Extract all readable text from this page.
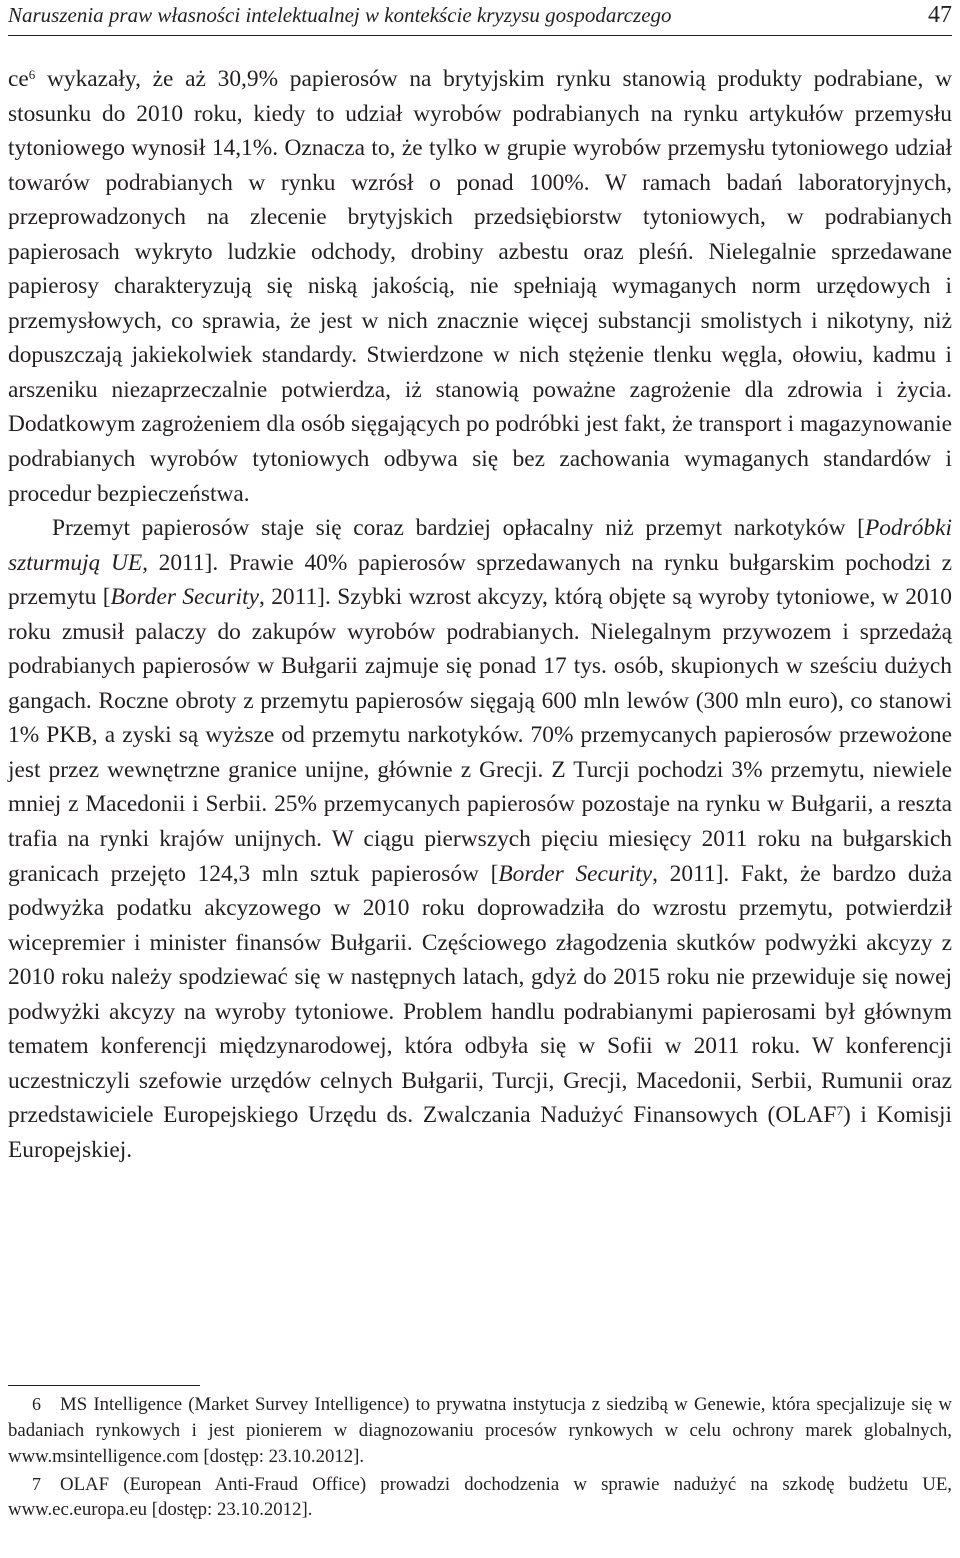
Naruszenia praw własności intelektualnej w kontekście kryzysu gospodarczego	47

$ce^6$ wykazały, że aż 30,9% papierosów na brytyjskim rynku stanowią produkty podrabiane, w stosunku do 2010 roku, kiedy to udział wyrobów podrabianych na rynku artykułów przemysłu tytoniowego wynosił 14,1%. Oznacza to, że tylko w grupie wyrobów przemysłu tytoniowego udział towarów podrabianych w rynku wzrósł o ponad 100%. W ramach badań laboratoryjnych, przeprowadzonych na zlecenie brytyjskich przedsiębiorstw tytoniowych, w podrabianych papierosach wykryto ludzkie odchody, drobiny azbestu oraz pleśń. Nielegalnie sprzedawane papierosy charakteryzują się niską jakością, nie spełniają wymaganych norm urzędowych i przemysłowych, co sprawia, że jest w nich znacznie więcej substancji smolistych i nikotyny, niż dopuszczają jakiekolwiek standardy. Stwierdzone w nich stężenie tlenku węgla, ołowiu, kadmu i arszeniku niezaprzeczalnie potwierdza, iż stanowią poważne zagrożenie dla zdrowia i życia. Dodatkowym zagrożeniem dla osób sięgających po podróbki jest fakt, że transport i magazynowanie podrabianych wyrobów tytoniowych odbywa się bez zachowania wymaganych standardów i procedur bezpieczeństwa.

Przemyt papierosów staje się coraz bardziej opłacalny niż przemyt narkotyków [Podróbki szturmują UE, 2011]. Prawie 40% papierosów sprzedawanych na rynku bułgarskim pochodzi z przemytu [Border Security, 2011]. Szybki wzrost akcyzy, którą objęte są wyroby tytoniowe, w 2010 roku zmusił palaczy do zakupów wyrobów podrabianych. Nielegalnym przywozem i sprzedażą podrabianych papierosów w Bułgarii zajmuje się ponad 17 tys. osób, skupionych w sześciu dużych gangach. Roczne obroty z przemytu papierosów sięgają 600 mln lewów (300 mln euro), co stanowi 1% PKB, a zyski są wyższe od przemytu narkotyków. 70% przemycanych papierosów przewożone jest przez wewnętrzne granice unijne, głównie z Grecji. Z Turcji pochodzi 3% przemytu, niewiele mniej z Macedonii i Serbii. 25% przemycanych papierosów pozostaje na rynku w Bułgarii, a reszta trafia na rynki krajów unijnych. W ciągu pierwszych pięciu miesięcy 2011 roku na bułgarskich granicach przejęto 124,3 mln sztuk papierosów [Border Security, 2011]. Fakt, że bardzo duża podwyżka podatku akcyzowego w 2010 roku doprowadziła do wzrostu przemytu, potwierdził wicepremier i minister finansów Bułgarii. Częściowego złagodzenia skutków podwyżki akcyzy z 2010 roku należy spodziewać się w następnych latach, gdyż do 2015 roku nie przewiduje się nowej podwyżki akcyzy na wyroby tytoniowe. Problem handlu podrabianymi papierosami był głównym tematem konferencji międzynarodowej, która odbyła się w Sofii w 2011 roku. W konferencji uczestniczyli szefowie urzędów celnych Bułgarii, Turcji, Grecji, Macedonii, Serbii, Rumunii oraz przedstawiciele Europejskiego Urzędu ds. Zwalczania Nadużyć Finansowych (OLAF$^7$) i Komisji Europejskiej.

6 MS Intelligence (Market Survey Intelligence) to prywatna instytucja z siedzibą w Genewie, która specjalizuje się w badaniach rynkowych i jest pionierem w diagnozowaniu procesów rynkowych w celu ochrony marek globalnych, www.msintelligence.com [dostęp: 23.10.2012].

7 OLAF (European Anti-Fraud Office) prowadzi dochodzenia w sprawie nadużyć na szkodę budżetu UE, www.ec.europa.eu [dostęp: 23.10.2012].
